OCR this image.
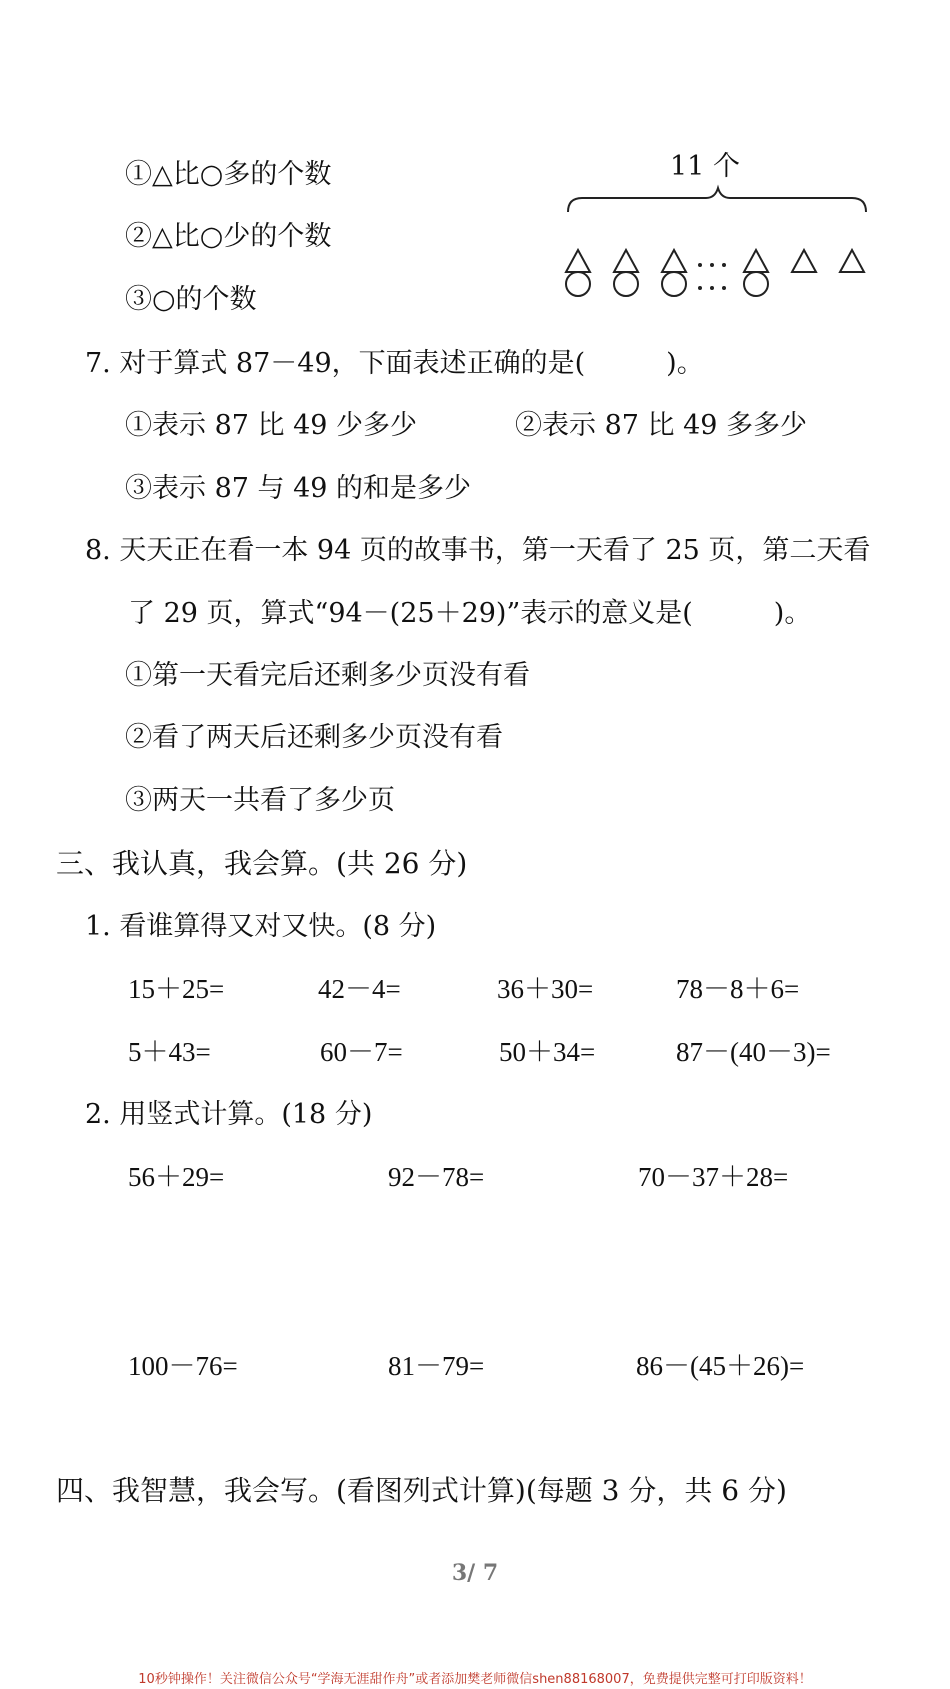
①△比○多的个数
②△比○少的个数
③○的个数
11 个
7. 对于算式 87－49，下面表述正确的是(　　　)。
①表示 87 比 49 少多少	②表示 87 比 49 多多少
③表示 87 与 49 的和是多少
8. 天天正在看一本 94 页的故事书，第一天看了 25 页，第二天看
了 29 页，算式“94－(25＋29)”表示的意义是(　　　)。
①第一天看完后还剩多少页没有看
②看了两天后还剩多少页没有看
③两天一共看了多少页
三、我认真，我会算。(共 26 分)
1. 看谁算得又对又快。(8 分)
15＋25=	42－4=	36＋30=	78－8＋6=
5＋43=	60－7=	50＋34=	87－(40－3)=
2. 用竖式计算。(18 分)
56＋29=	92－78=	70－37＋28=
100－76=	81－79=	86－(45＋26)=
四、我智慧，我会写。(看图列式计算)(每题 3 分，共 6 分)
3/ 7
10秒钟操作！关注微信公众号“学海无涯甜作舟”或者添加樊老师微信shen88168007，免费提供完整可打印版资料！
